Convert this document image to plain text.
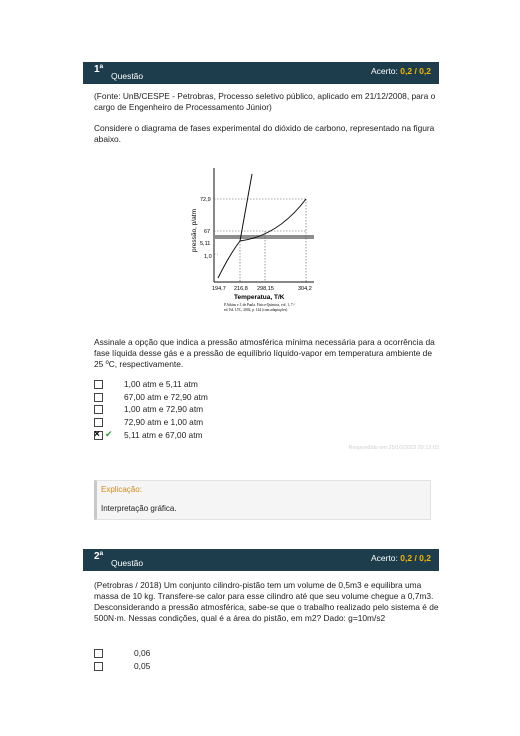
1ª
Questão	Acerto: 0,2 / 0,2

(Fonte: UnB/CESPE - Petrobras, Processo seletivo público, aplicado em 21/12/2008, para o cargo de Engenheiro de Processamento Júnior)

Considere o diagrama de fases experimental do dióxido de carbono, representado na figura abaixo.

72,9
67
5,11
1,0
194,7 216,8 298,15	304,2
pressão, p/atm
Temperatua, T/K
P.Atkins e J. de Paula. Físico-Química, vol. 1, 7.ª
ed. Ed. LTC, 2002, p. 144 (com adaptações)

Assinale a opção que indica a pressão atmosférica mínima necessária para a ocorrência da fase líquida desse gás e a pressão de equilíbrio líquido-vapor em temperatura ambiente de 25 ºC, respectivamente.

1,00 atm e 5,11 atm
67,00 atm e 72,90 atm
1,00 atm e 72,90 atm
72,90 atm e 1,00 atm
×
✔ 5,11 atm e 67,00 atm
Respondido em 25/10/2023 20:12:03
Explicação:
Interpretação gráfica.
2ª
Questão	Acerto: 0,2 / 0,2

(Petrobras / 2018) Um conjunto cilindro-pistão tem um volume de 0,5m3 e equilibra uma massa de 10 kg. Transfere-se calor para esse cilindro até que seu volume chegue a 0,7m3. Desconsiderando a pressão atmosférica, sabe-se que o trabalho realizado pelo sistema é de 500N·m. Nessas condições, qual é a área do pistão, em m2? Dado: g=10m/s2

0,06
0,05
